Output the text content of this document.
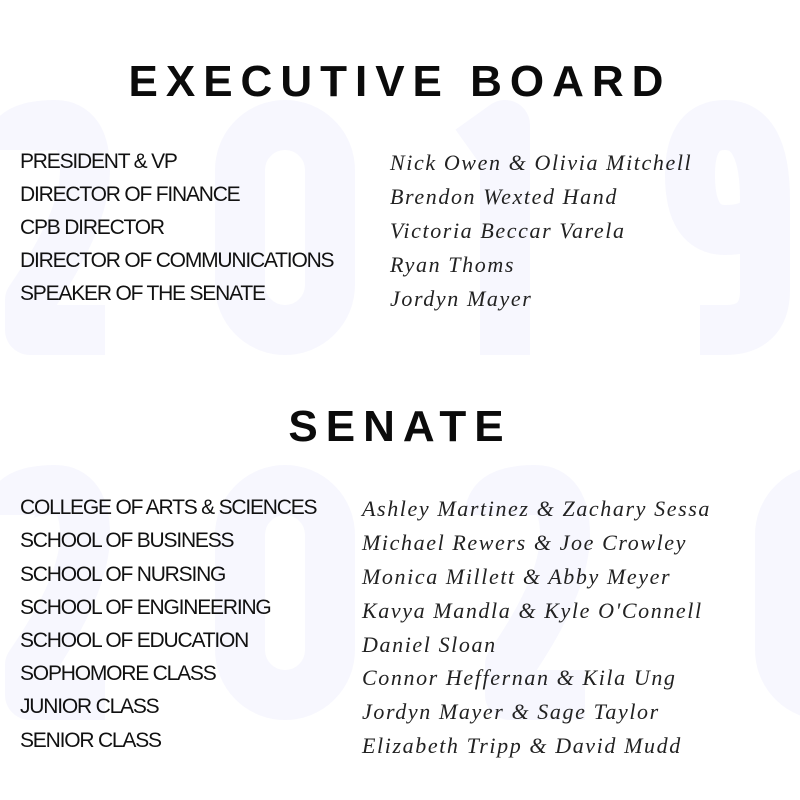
EXECUTIVE BOARD
PRESIDENT & VP	Nick Owen & Olivia Mitchell
DIRECTOR OF FINANCE	Brendon Wexted Hand
CPB DIRECTOR	Victoria Beccar Varela
DIRECTOR OF COMMUNICATIONS	Ryan Thoms
SPEAKER OF THE SENATE	Jordyn Mayer
SENATE
COLLEGE OF ARTS & SCIENCES Ashley Martinez & Zachary Sessa
SCHOOL OF BUSINESS	Michael Rewers & Joe Crowley
SCHOOL OF NURSING	Monica Millett & Abby Meyer
SCHOOL OF ENGINEERING	Kavya Mandla & Kyle O'Connell
SCHOOL OF EDUCATION	Daniel Sloan
SOPHOMORE CLASS	Connor Heffernan & Kila Ung
JUNIOR CLASS	Jordyn Mayer & Sage Taylor
SENIOR CLASS	Elizabeth Tripp & David Mudd
